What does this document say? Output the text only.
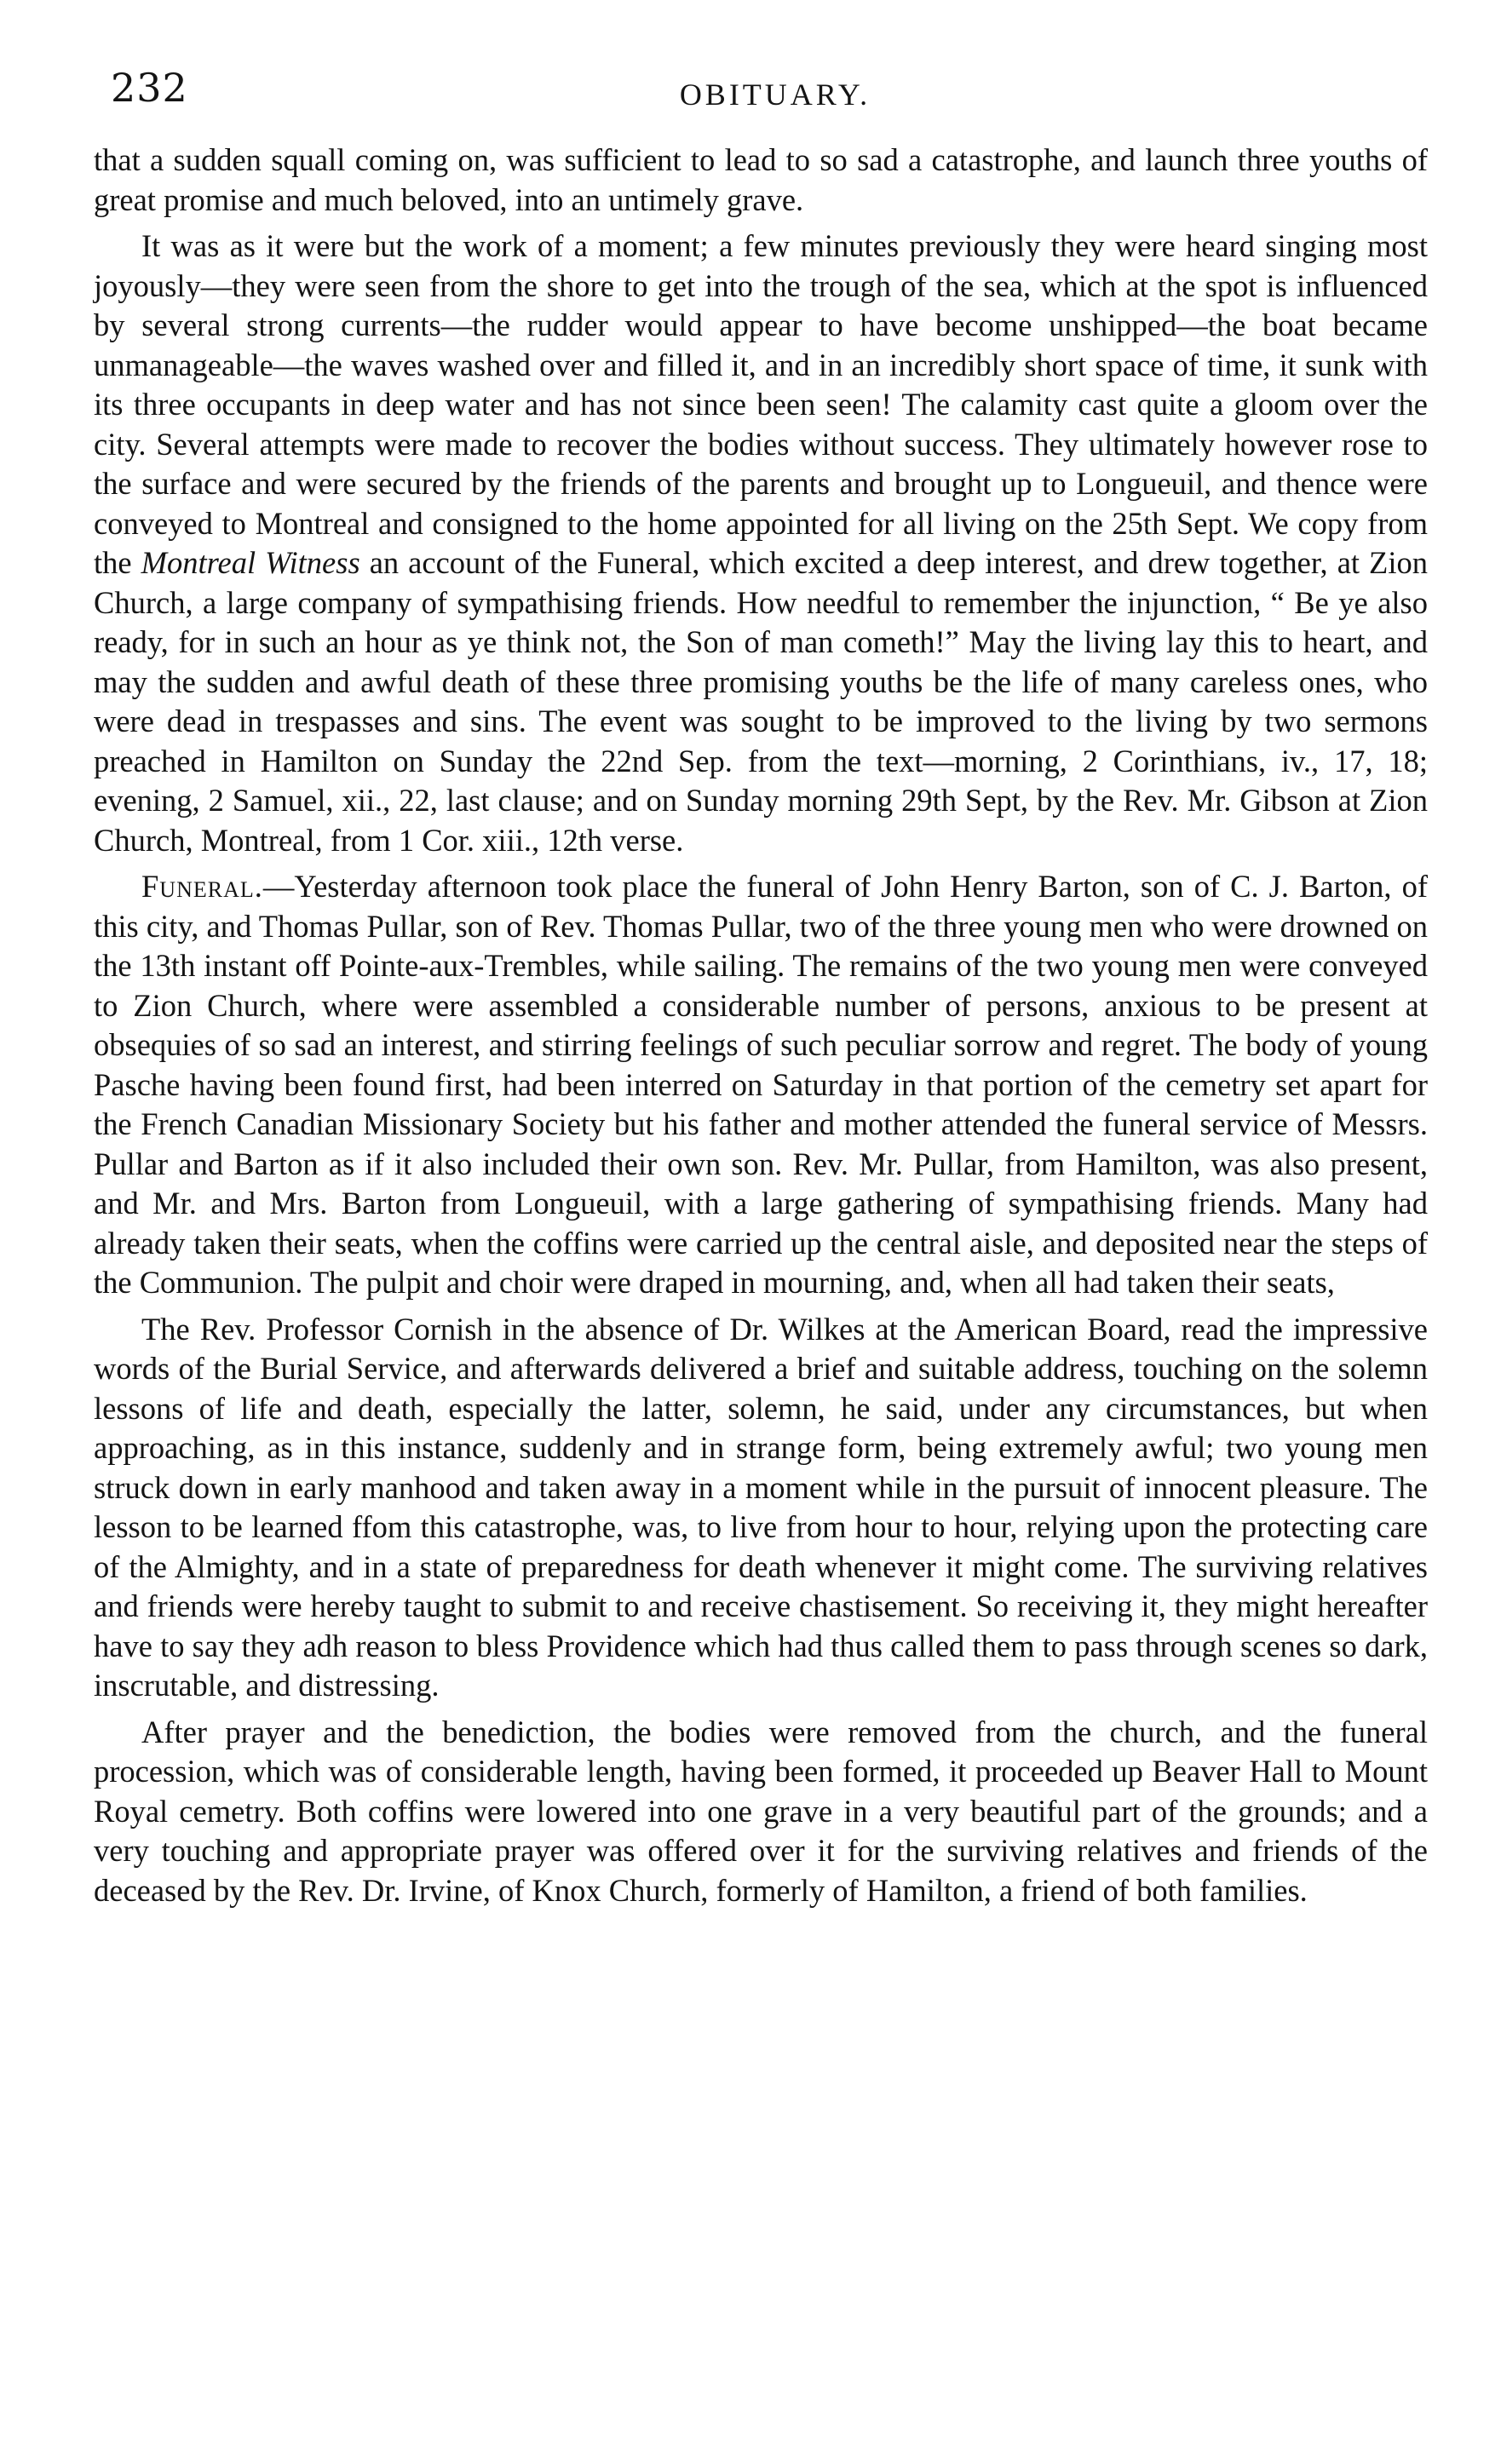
232	OBITUARY.

that a sudden squall coming on, was sufficient to lead to so sad a catastrophe, and launch three youths of great promise and much beloved, into an untimely grave.

It was as it were but the work of a moment; a few minutes previously they were heard singing most joyously—they were seen from the shore to get into the trough of the sea, which at the spot is influenced by several strong currents—the rudder would appear to have become unshipped—the boat became unmanageable—the waves washed over and filled it, and in an incredibly short space of time, it sunk with its three occupants in deep water and has not since been seen! The calamity cast quite a gloom over the city. Several attempts were made to recover the bodies without success. They ultimately however rose to the surface and were secured by the friends of the parents and brought up to Longueuil, and thence were conveyed to Montreal and consigned to the home appointed for all living on the 25th Sept. We copy from the Montreal Witness an account of the Funeral, which excited a deep interest, and drew together, at Zion Church, a large company of sympathising friends. How needful to remember the injunction, “ Be ye also ready, for in such an hour as ye think not, the Son of man cometh!” May the living lay this to heart, and may the sudden and awful death of these three promising youths be the life of many careless ones, who were dead in trespasses and sins. The event was sought to be improved to the living by two sermons preached in Hamilton on Sunday the 22nd Sep. from the text—morning, 2 Corinthians, iv., 17, 18; evening, 2 Samuel, xii., 22, last clause; and on Sunday morning 29th Sept, by the Rev. Mr. Gibson at Zion Church, Montreal, from 1 Cor. xiii., 12th verse.

Funeral.—Yesterday afternoon took place the funeral of John Henry Barton, son of C. J. Barton, of this city, and Thomas Pullar, son of Rev. Thomas Pullar, two of the three young men who were drowned on the 13th instant off Pointe-aux-Trembles, while sailing. The remains of the two young men were conveyed to Zion Church, where were assembled a considerable number of persons, anxious to be present at obsequies of so sad an interest, and stirring feelings of such peculiar sorrow and regret. The body of young Pasche having been found first, had been interred on Saturday in that portion of the cemetry set apart for the French Canadian Missionary Society but his father and mother attended the funeral service of Messrs. Pullar and Barton as if it also included their own son. Rev. Mr. Pullar, from Hamilton, was also present, and Mr. and Mrs. Barton from Longueuil, with a large gathering of sympathising friends. Many had already taken their seats, when the coffins were carried up the central aisle, and deposited near the steps of the Communion. The pulpit and choir were draped in mourning, and, when all had taken their seats,

The Rev. Professor Cornish in the absence of Dr. Wilkes at the American Board, read the impressive words of the Burial Service, and afterwards delivered a brief and suitable address, touching on the solemn lessons of life and death, especially the latter, solemn, he said, under any circumstances, but when approaching, as in this instance, suddenly and in strange form, being extremely awful; two young men struck down in early manhood and taken away in a moment while in the pursuit of innocent pleasure. The lesson to be learned ffom this catastrophe, was, to live from hour to hour, relying upon the protecting care of the Almighty, and in a state of preparedness for death whenever it might come. The surviving relatives and friends were hereby taught to submit to and receive chastisement. So receiving it, they might hereafter have to say they adh reason to bless Providence which had thus called them to pass through scenes so dark, inscrutable, and distressing.

After prayer and the benediction, the bodies were removed from the church, and the funeral procession, which was of considerable length, having been formed, it proceeded up Beaver Hall to Mount Royal cemetry. Both coffins were lowered into one grave in a very beautiful part of the grounds; and a very touching and appropriate prayer was offered over it for the surviving relatives and friends of the deceased by the Rev. Dr. Irvine, of Knox Church, formerly of Hamilton, a friend of both families.
